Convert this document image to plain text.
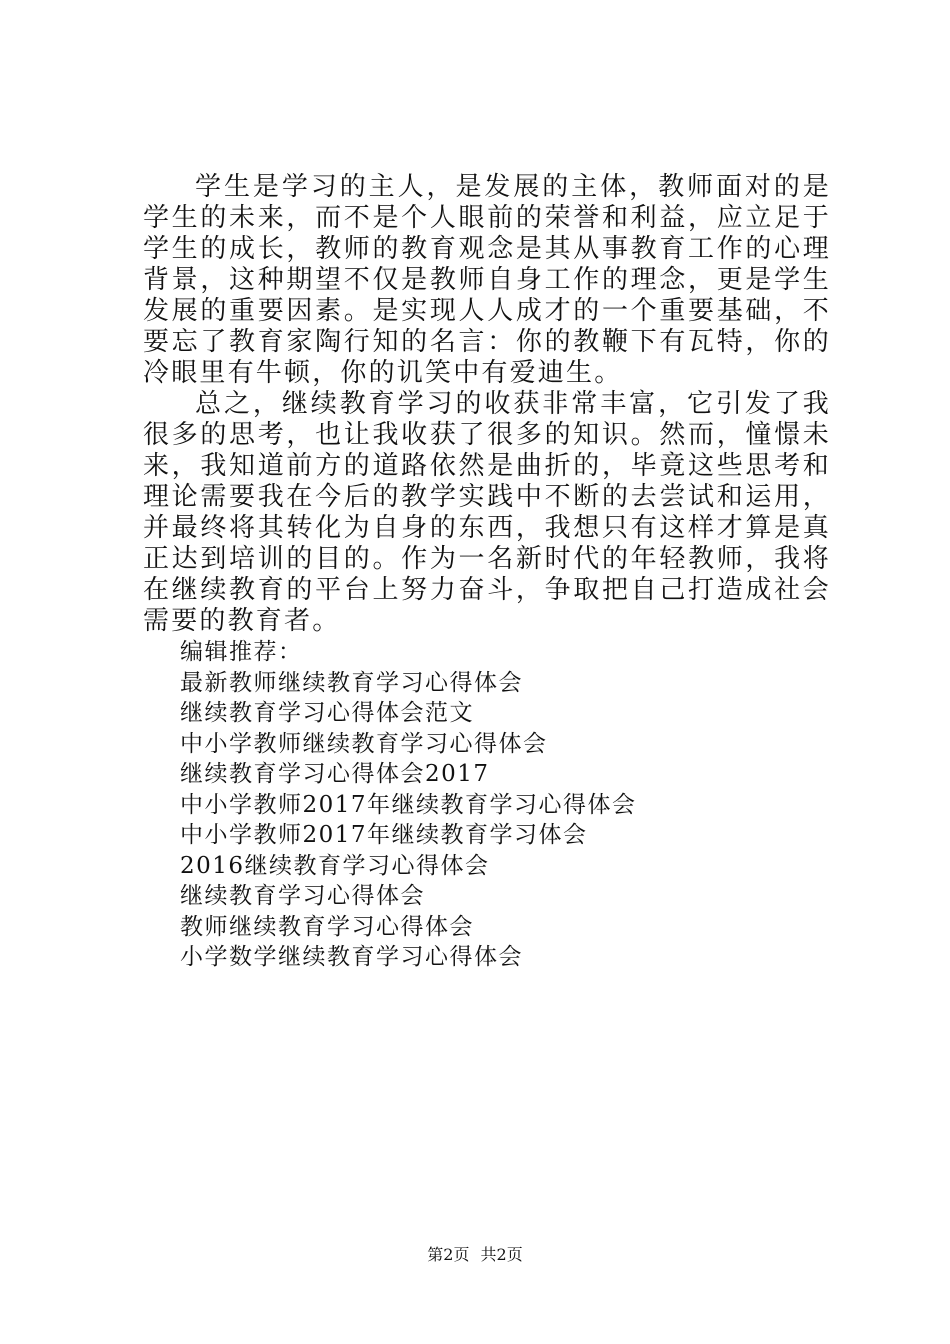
学生是学习的主人，是发展的主体，教师面对的是学生的未来，而不是个人眼前的荣誉和利益，应立足于学生的成长，教师的教育观念是其从事教育工作的心理背景，这种期望不仅是教师自身工作的理念，更是学生发展的重要因素。是实现人人成才的一个重要基础，不要忘了教育家陶行知的名言：你的教鞭下有瓦特，你的冷眼里有牛顿，你的讥笑中有爱迪生。

总之，继续教育学习的收获非常丰富，它引发了我很多的思考，也让我收获了很多的知识。然而，憧憬未来，我知道前方的道路依然是曲折的，毕竟这些思考和理论需要我在今后的教学实践中不断的去尝试和运用，并最终将其转化为自身的东西，我想只有这样才算是真正达到培训的目的。作为一名新时代的年轻教师，我将在继续教育的平台上努力奋斗，争取把自己打造成社会需要的教育者。

编辑推荐：

最新教师继续教育学习心得体会
继续教育学习心得体会范文
中小学教师继续教育学习心得体会
继续教育学习心得体会2017
中小学教师2017年继续教育学习心得体会
中小学教师2017年继续教育学习体会
2016继续教育学习心得体会
继续教育学习心得体会
教师继续教育学习心得体会
小学数学继续教育学习心得体会
第2页 共2页
